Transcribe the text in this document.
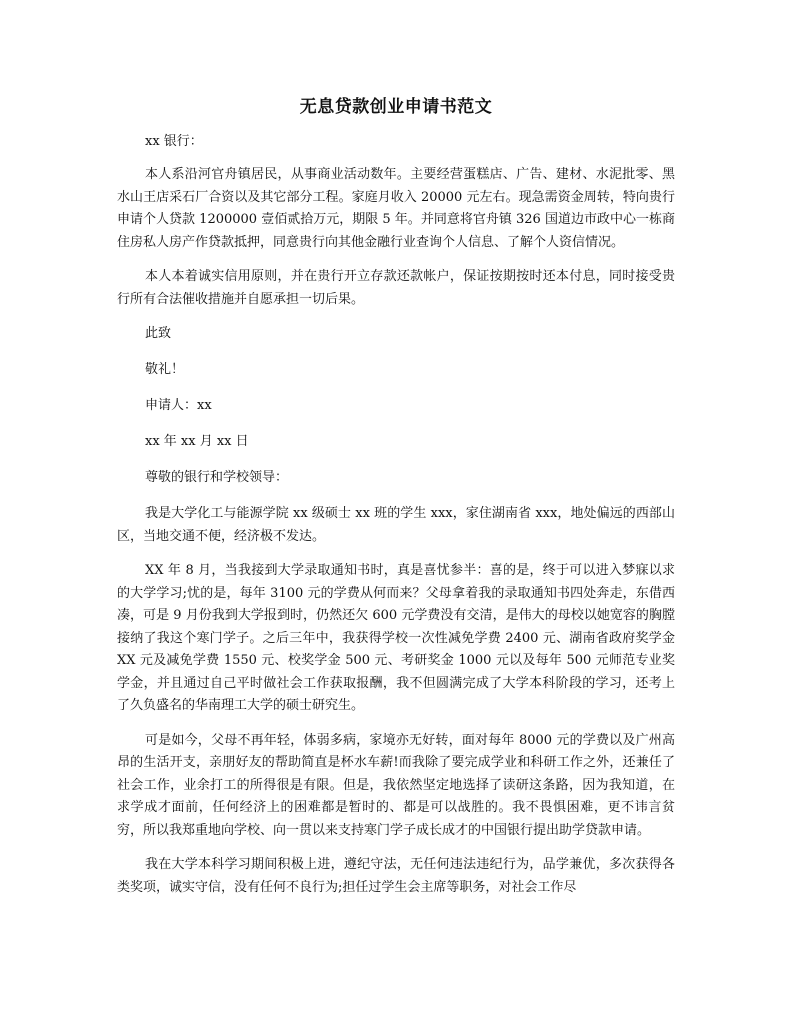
无息贷款创业申请书范文

xx 银行：

本人系沿河官舟镇居民，从事商业活动数年。主要经营蛋糕店、广告、建材、水泥批零、黑水山王店采石厂合资以及其它部分工程。家庭月收入 20000 元左右。现急需资金周转，特向贵行申请个人贷款 1200000 壹佰贰拾万元，期限 5 年。并同意将官舟镇 326 国道边市政中心一栋商住房私人房产作贷款抵押，同意贵行向其他金融行业查询个人信息、了解个人资信情况。

本人本着诚实信用原则，并在贵行开立存款还款帐户，保证按期按时还本付息，同时接受贵行所有合法催收措施并自愿承担一切后果。

此致

敬礼！

申请人：xx

xx 年 xx 月 xx 日

尊敬的银行和学校领导：

我是大学化工与能源学院 xx 级硕士 xx 班的学生 xxx，家住湖南省 xxx，地处偏远的西部山区，当地交通不便，经济极不发达。

XX 年 8 月，当我接到大学录取通知书时，真是喜忧参半：喜的是，终于可以进入梦寐以求的大学学习;忧的是，每年 3100 元的学费从何而来？父母拿着我的录取通知书四处奔走，东借西凑，可是 9 月份我到大学报到时，仍然还欠 600 元学费没有交清，是伟大的母校以她宽容的胸膛接纳了我这个寒门学子。之后三年中，我获得学校一次性减免学费 2400 元、湖南省政府奖学金 XX 元及减免学费 1550 元、校奖学金 500 元、考研奖金 1000 元以及每年 500 元师范专业奖学金，并且通过自己平时做社会工作获取报酬，我不但圆满完成了大学本科阶段的学习，还考上了久负盛名的华南理工大学的硕士研究生。

可是如今，父母不再年轻，体弱多病，家境亦无好转，面对每年 8000 元的学费以及广州高昂的生活开支，亲朋好友的帮助简直是杯水车薪!而我除了要完成学业和科研工作之外，还兼任了社会工作，业余打工的所得很是有限。但是，我依然坚定地选择了读研这条路，因为我知道，在求学成才面前，任何经济上的困难都是暂时的、都是可以战胜的。我不畏惧困难，更不讳言贫穷，所以我郑重地向学校、向一贯以来支持寒门学子成长成才的中国银行提出助学贷款申请。

我在大学本科学习期间积极上进，遵纪守法，无任何违法违纪行为，品学兼优，多次获得各类奖项，诚实守信，没有任何不良行为;担任过学生会主席等职务，对社会工作尽
